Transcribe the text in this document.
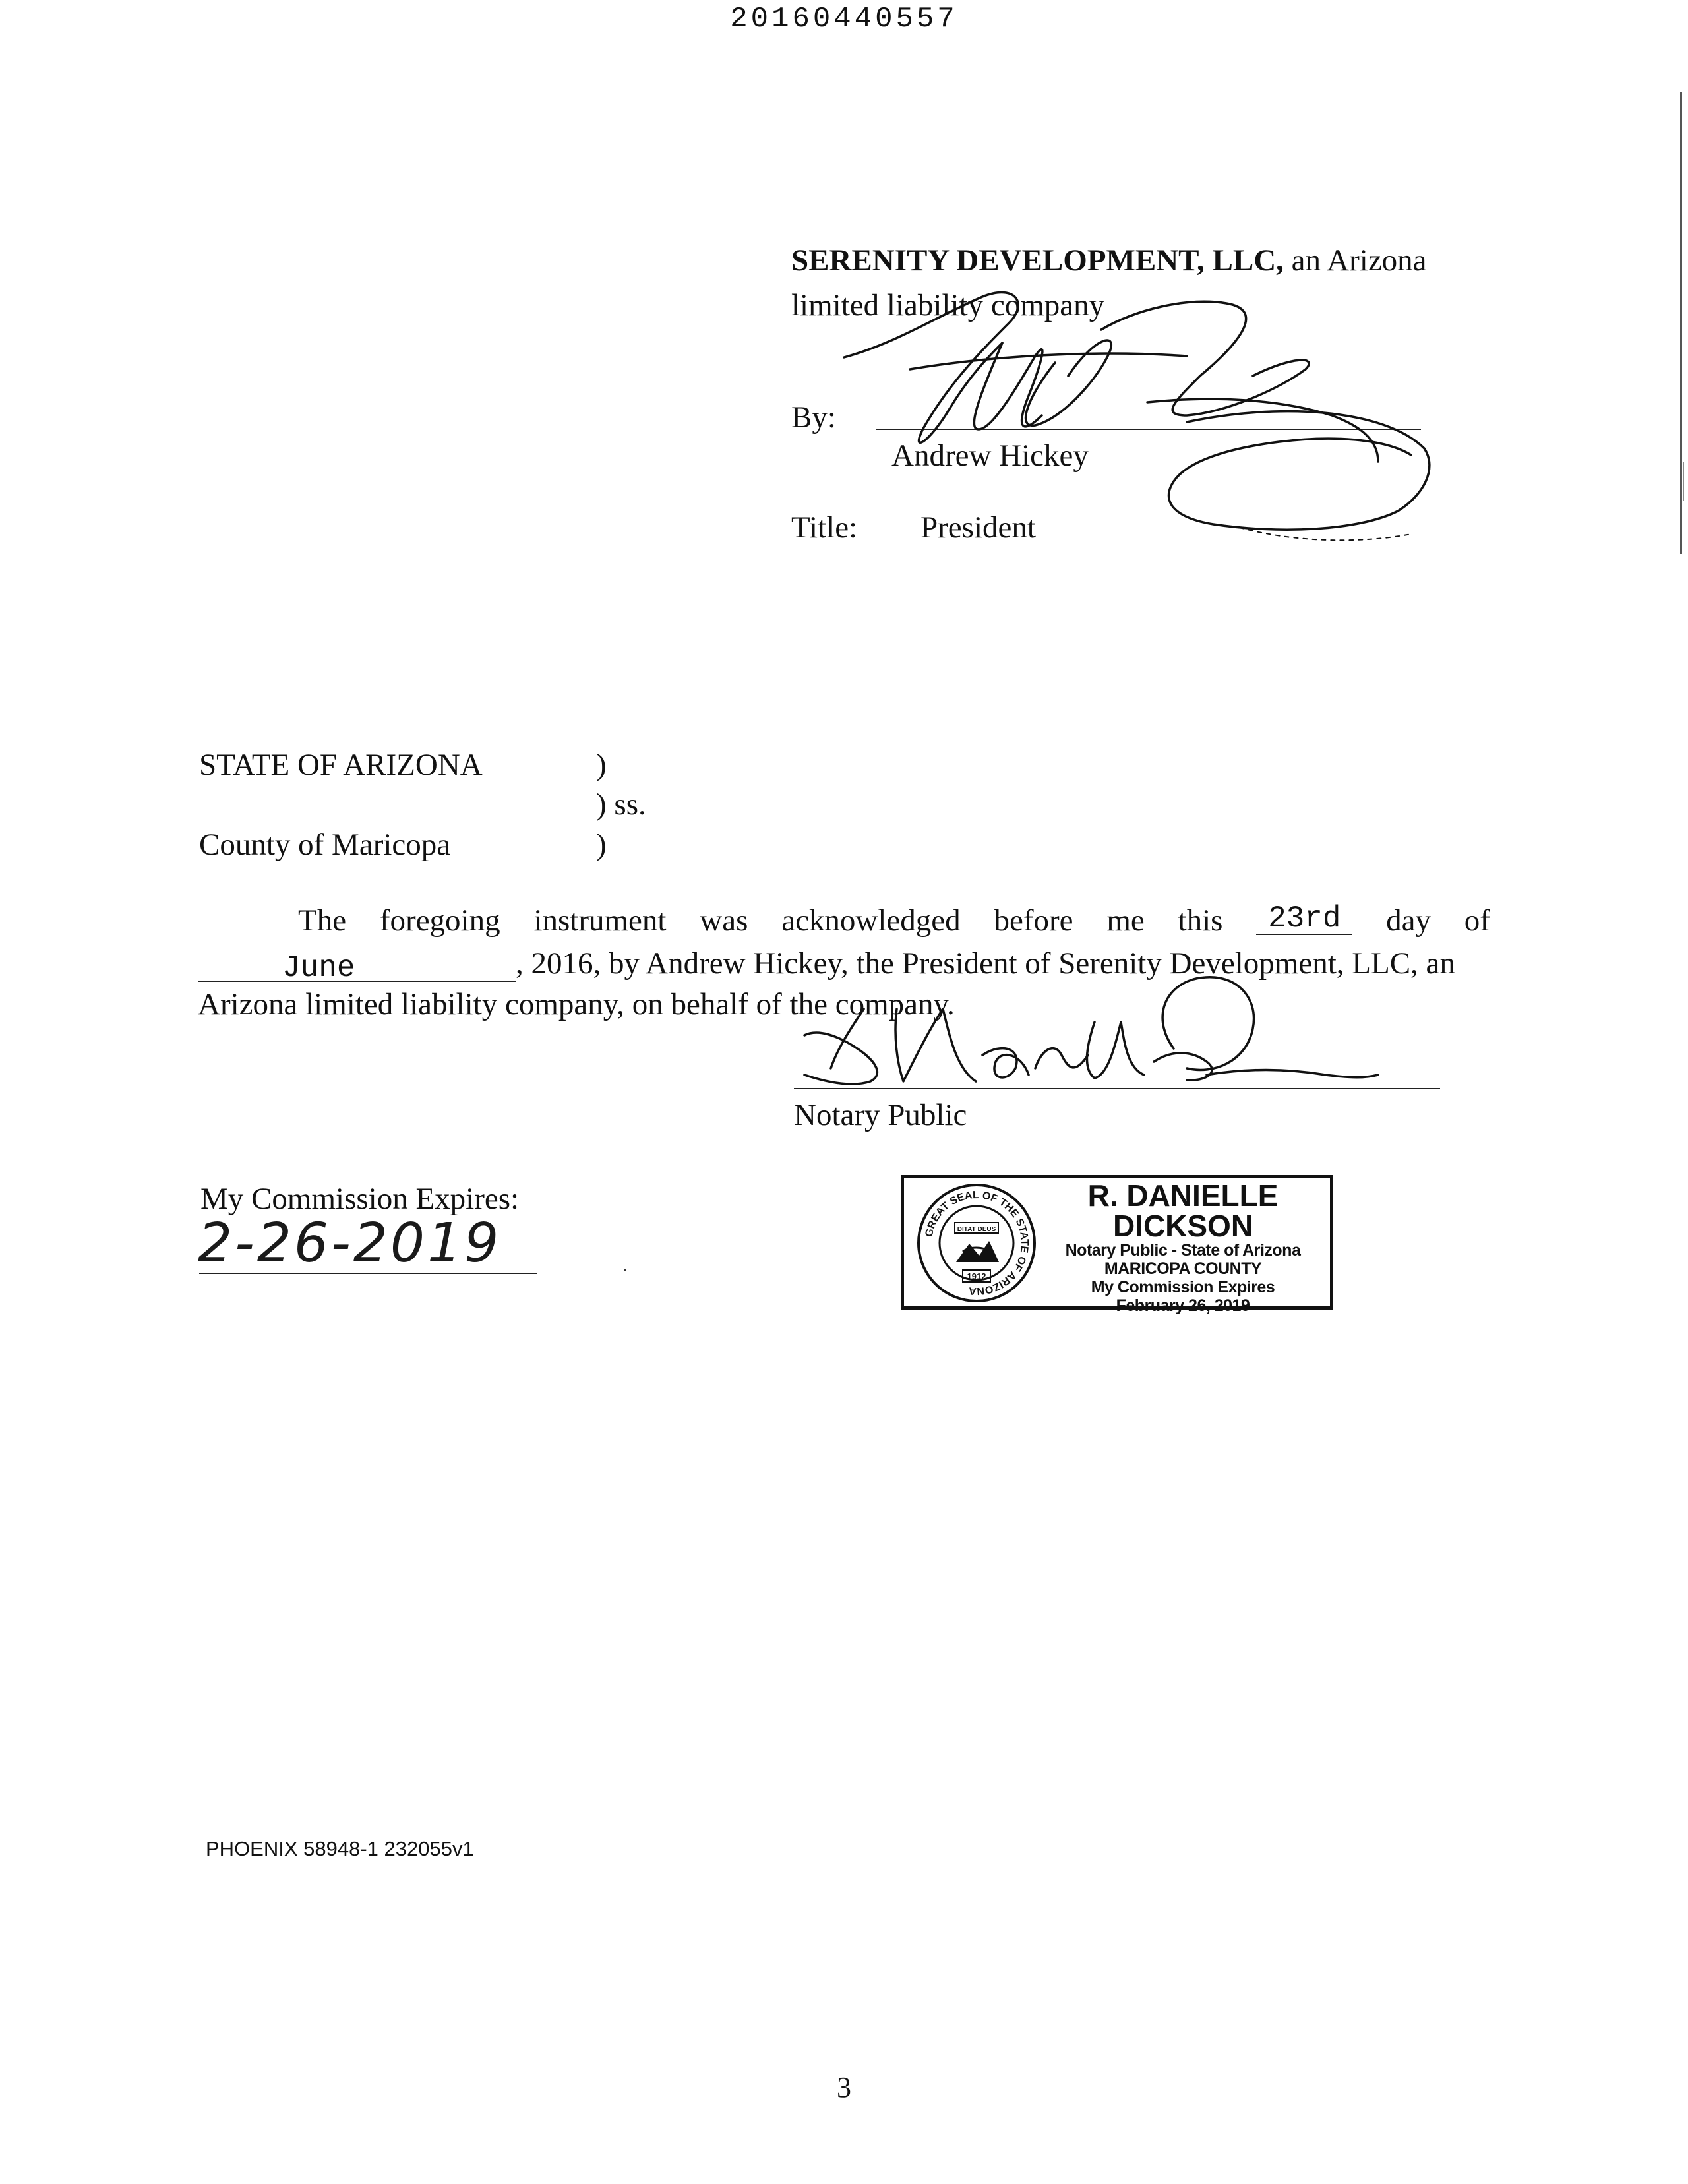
20160440557
SERENITY DEVELOPMENT, LLC, an Arizona
limited liability company
By:
Andrew Hickey
Title: President
STATE OF ARIZONA	)
) ss.
County of Maricopa	)
The foregoing instrument was acknowledged before me this	23rd	day of
June	, 2016, by Andrew Hickey, the President of Serenity Development, LLC, an
Arizona limited liability company, on behalf of the company.
Notary Public
My Commission Expires:
2-26-2019	GREAT SEAL OF THE STATE OF ARIZONA
DITAT DEUS
1912
R. DANIELLE DICKSON
Notary Public - State of Arizona
MARICOPA COUNTY
My Commission Expires
February 26, 2019
PHOENIX 58948-1 232055v1
3
